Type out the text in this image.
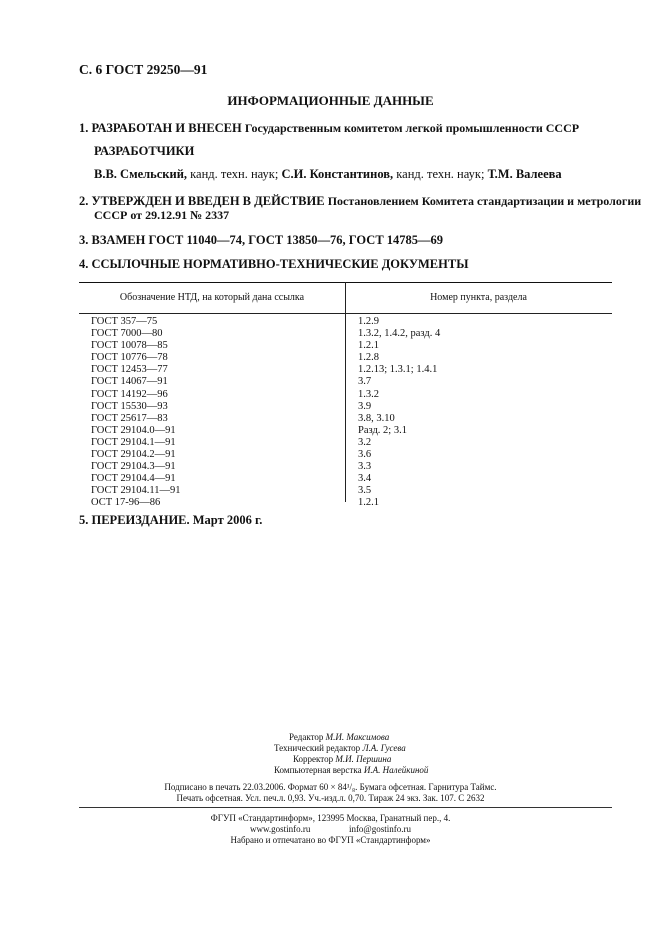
С. 6 ГОСТ 29250—91
ИНФОРМАЦИОННЫЕ ДАННЫЕ
1. РАЗРАБОТАН И ВНЕСЕН Государственным комитетом легкой промышленности СССР
РАЗРАБОТЧИКИ
В.В. Смельский, канд. техн. наук; С.И. Константинов, канд. техн. наук; Т.М. Валеева
2. УТВЕРЖДЕН И ВВЕДЕН В ДЕЙСТВИЕ Постановлением Комитета стандартизации и метрологии
СССР от 29.12.91 № 2337
3. ВЗАМЕН ГОСТ 11040—74, ГОСТ 13850—76, ГОСТ 14785—69
4. ССЫЛОЧНЫЕ НОРМАТИВНО-ТЕХНИЧЕСКИЕ ДОКУМЕНТЫ
Обозначение НТД, на который дана ссылка	Номер пункта, раздела
ГОСТ 357—75
ГОСТ 7000—80
ГОСТ 10078—85
ГОСТ 10776—78
ГОСТ 12453—77
ГОСТ 14067—91
ГОСТ 14192—96
ГОСТ 15530—93
ГОСТ 25617—83
ГОСТ 29104.0—91
ГОСТ 29104.1—91
ГОСТ 29104.2—91
ГОСТ 29104.3—91
ГОСТ 29104.4—91
ГОСТ 29104.11—91
ОСТ 17-96—86
1.2.9
1.3.2, 1.4.2, разд. 4
1.2.1
1.2.8
1.2.13; 1.3.1; 1.4.1
3.7
1.3.2
3.9
3.8, 3.10
Разд. 2; 3.1
3.2
3.6
3.3
3.4
3.5
1.2.1
5. ПЕРЕИЗДАНИЕ. Март 2006 г.
Редактор М.И. Максимова
Технический редактор Л.А. Гусева
Корректор М.И. Першина
Компьютерная верстка И.А. Налейкиной
Подписано в печать 22.03.2006. Формат 60 × 84¹/₈. Бумага офсетная. Гарнитура Таймс.
Печать офсетная. Усл. печ.л. 0,93. Уч.-изд.л. 0,70. Тираж 24 экз. Зак. 107. С 2632
ФГУП «Стандартинформ», 123995 Москва, Гранатный пер., 4.
www.gostinfo.ru	info@gostinfo.ru
Набрано и отпечатано во ФГУП «Стандартинформ»
